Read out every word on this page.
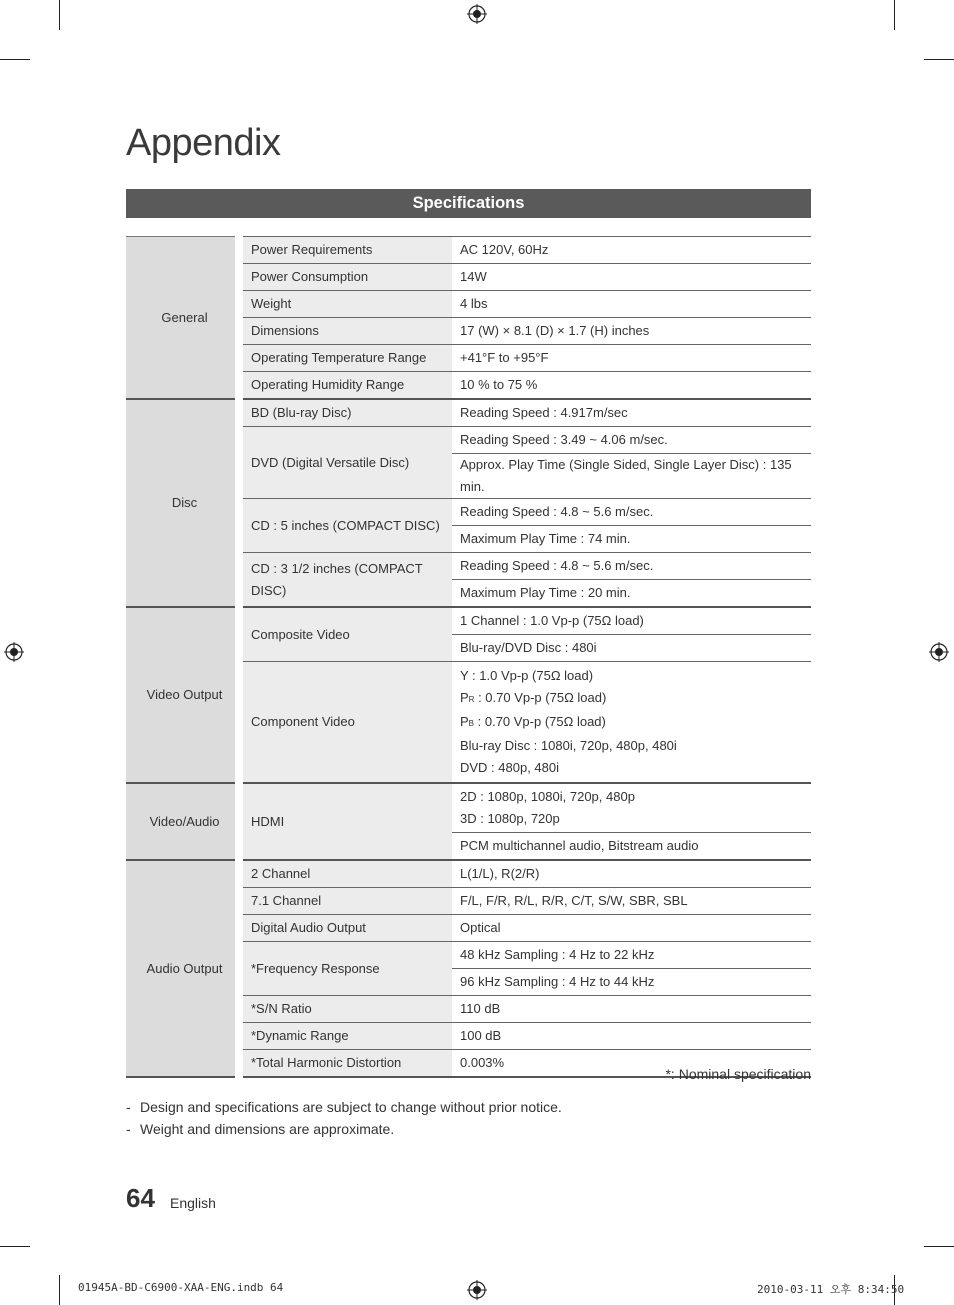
Appendix
Specifications
General		Power Requirements	AC 120V, 60Hz
		Power Consumption	14W
		Weight	4 lbs
		Dimensions	17 (W) × 8.1 (D) × 1.7 (H) inches
		Operating Temperature Range	+41°F to +95°F
		Operating Humidity Range	10 % to 75 %
Disc		BD (Blu-ray Disc)	Reading Speed : 4.917m/sec
		DVD (Digital Versatile Disc)	Reading Speed : 3.49 ~ 4.06 m/sec.
			Approx. Play Time (Single Sided, Single Layer Disc) : 135 min.
		CD : 5 inches (COMPACT DISC)	Reading Speed : 4.8 ~ 5.6 m/sec.
			Maximum Play Time : 74 min.
		CD : 3 1/2 inches (COMPACT DISC)	Reading Speed : 4.8 ~ 5.6 m/sec.
			Maximum Play Time : 20 min.
Video Output		Composite Video	1 Channel : 1.0 Vp-p (75Ω load)
			Blu-ray/DVD Disc : 480i
		Component Video	Y : 1.0 Vp-p (75Ω load)
PR : 0.70 Vp-p (75Ω load)
PB : 0.70 Vp-p (75Ω load)
Blu-ray Disc : 1080i, 720p, 480p, 480i
DVD : 480p, 480i

Video/Audio		HDMI	2D : 1080p, 1080i, 720p, 480p
3D : 1080p, 720p

			PCM multichannel audio, Bitstream audio
Audio Output		2 Channel	L(1/L), R(2/R)
		7.1 Channel	F/L, F/R, R/L, R/R, C/T, S/W, SBR, SBL
		Digital Audio Output	Optical
		*Frequency Response	48 kHz Sampling : 4 Hz to 22 kHz
			96 kHz Sampling : 4 Hz to 44 kHz
		*S/N Ratio	110 dB
		*Dynamic Range	100 dB
		*Total Harmonic Distortion	0.003%
*: Nominal specification
- Design and specifications are subject to change without prior notice.
- Weight and dimensions are approximate.
64 English
01945A-BD-C6900-XAA-ENG.indb 64	2010-03-11 오후 8:34:50
